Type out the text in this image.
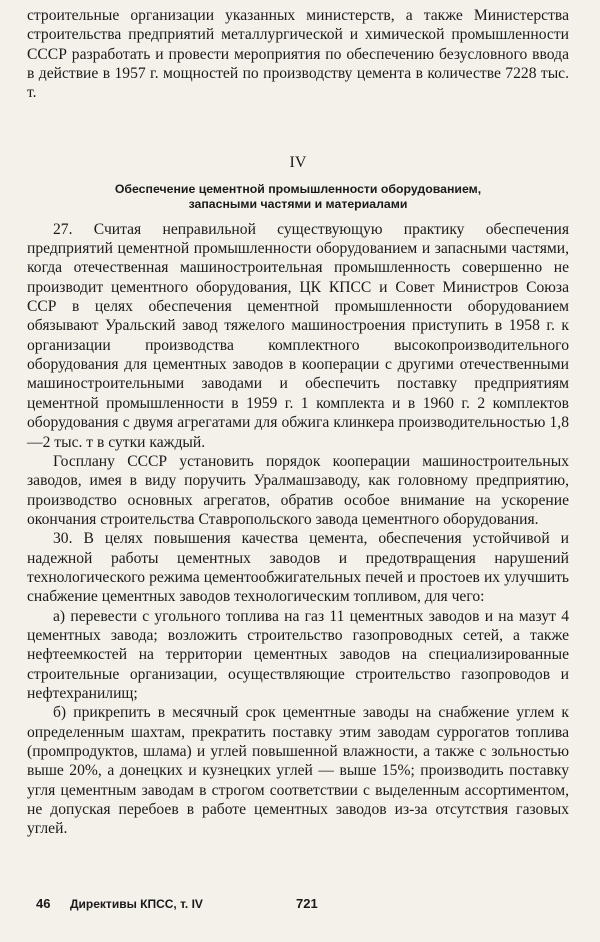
строительные организации указанных министерств, а также Министерства строительства предприятий металлургической и химической промышленности СССР разработать и провести мероприятия по обеспечению безусловного ввода в действие в 1957 г. мощностей по производству цемента в количестве 7228 тыс. т.

IV
Обеспечение цементной промышленности оборудованием,
запасными частями и материалами

27. Считая неправильной существующую практику обеспечения предприятий цементной промышленности оборудованием и запасными частями, когда отечественная машиностроительная промышленность совершенно не производит цементного оборудования, ЦК КПСС и Совет Министров Союза ССР в целях обеспечения цементной промышленности оборудованием обязывают Уральский завод тяжелого машиностроения приступить в 1958 г. к организации производства комплектного высокопроизводительного оборудования для цементных заводов в кооперации с другими отечественными машиностроительными заводами и обеспечить поставку предприятиям цементной промышленности в 1959 г. 1 комплекта и в 1960 г. 2 комплектов оборудования с двумя агрегатами для обжига клинкера производительностью 1,8—2 тыс. т в сутки каждый.

Госплану СССР установить порядок кооперации машиностроительных заводов, имея в виду поручить Уралмашзаводу, как головному предприятию, производство основных агрегатов, обратив особое внимание на ускорение окончания строительства Ставропольского завода цементного оборудования.

30. В целях повышения качества цемента, обеспечения устойчивой и надежной работы цементных заводов и предотвращения нарушений технологического режима цементообжигательных печей и простоев их улучшить снабжение цементных заводов технологическим топливом, для чего:

а) перевести с угольного топлива на газ 11 цементных заводов и на мазут 4 цементных завода; возложить строительство газопроводных сетей, а также нефтеемкостей на территории цементных заводов на специализированные строительные организации, осуществляющие строительство газопроводов и нефтехранилищ;

б) прикрепить в месячный срок цементные заводы на снабжение углем к определенным шахтам, прекратить поставку этим заводам суррогатов топлива (промпродуктов, шлама) и углей повышенной влажности, а также с зольностью выше 20%, а донецких и кузнецких углей — выше 15%; производить поставку угля цементным заводам в строгом соответствии с выделенным ассортиментом, не допуская перебоев в работе цементных заводов из-за отсутствия газовых углей.

46 Директивы КПСС, т. IV	721
